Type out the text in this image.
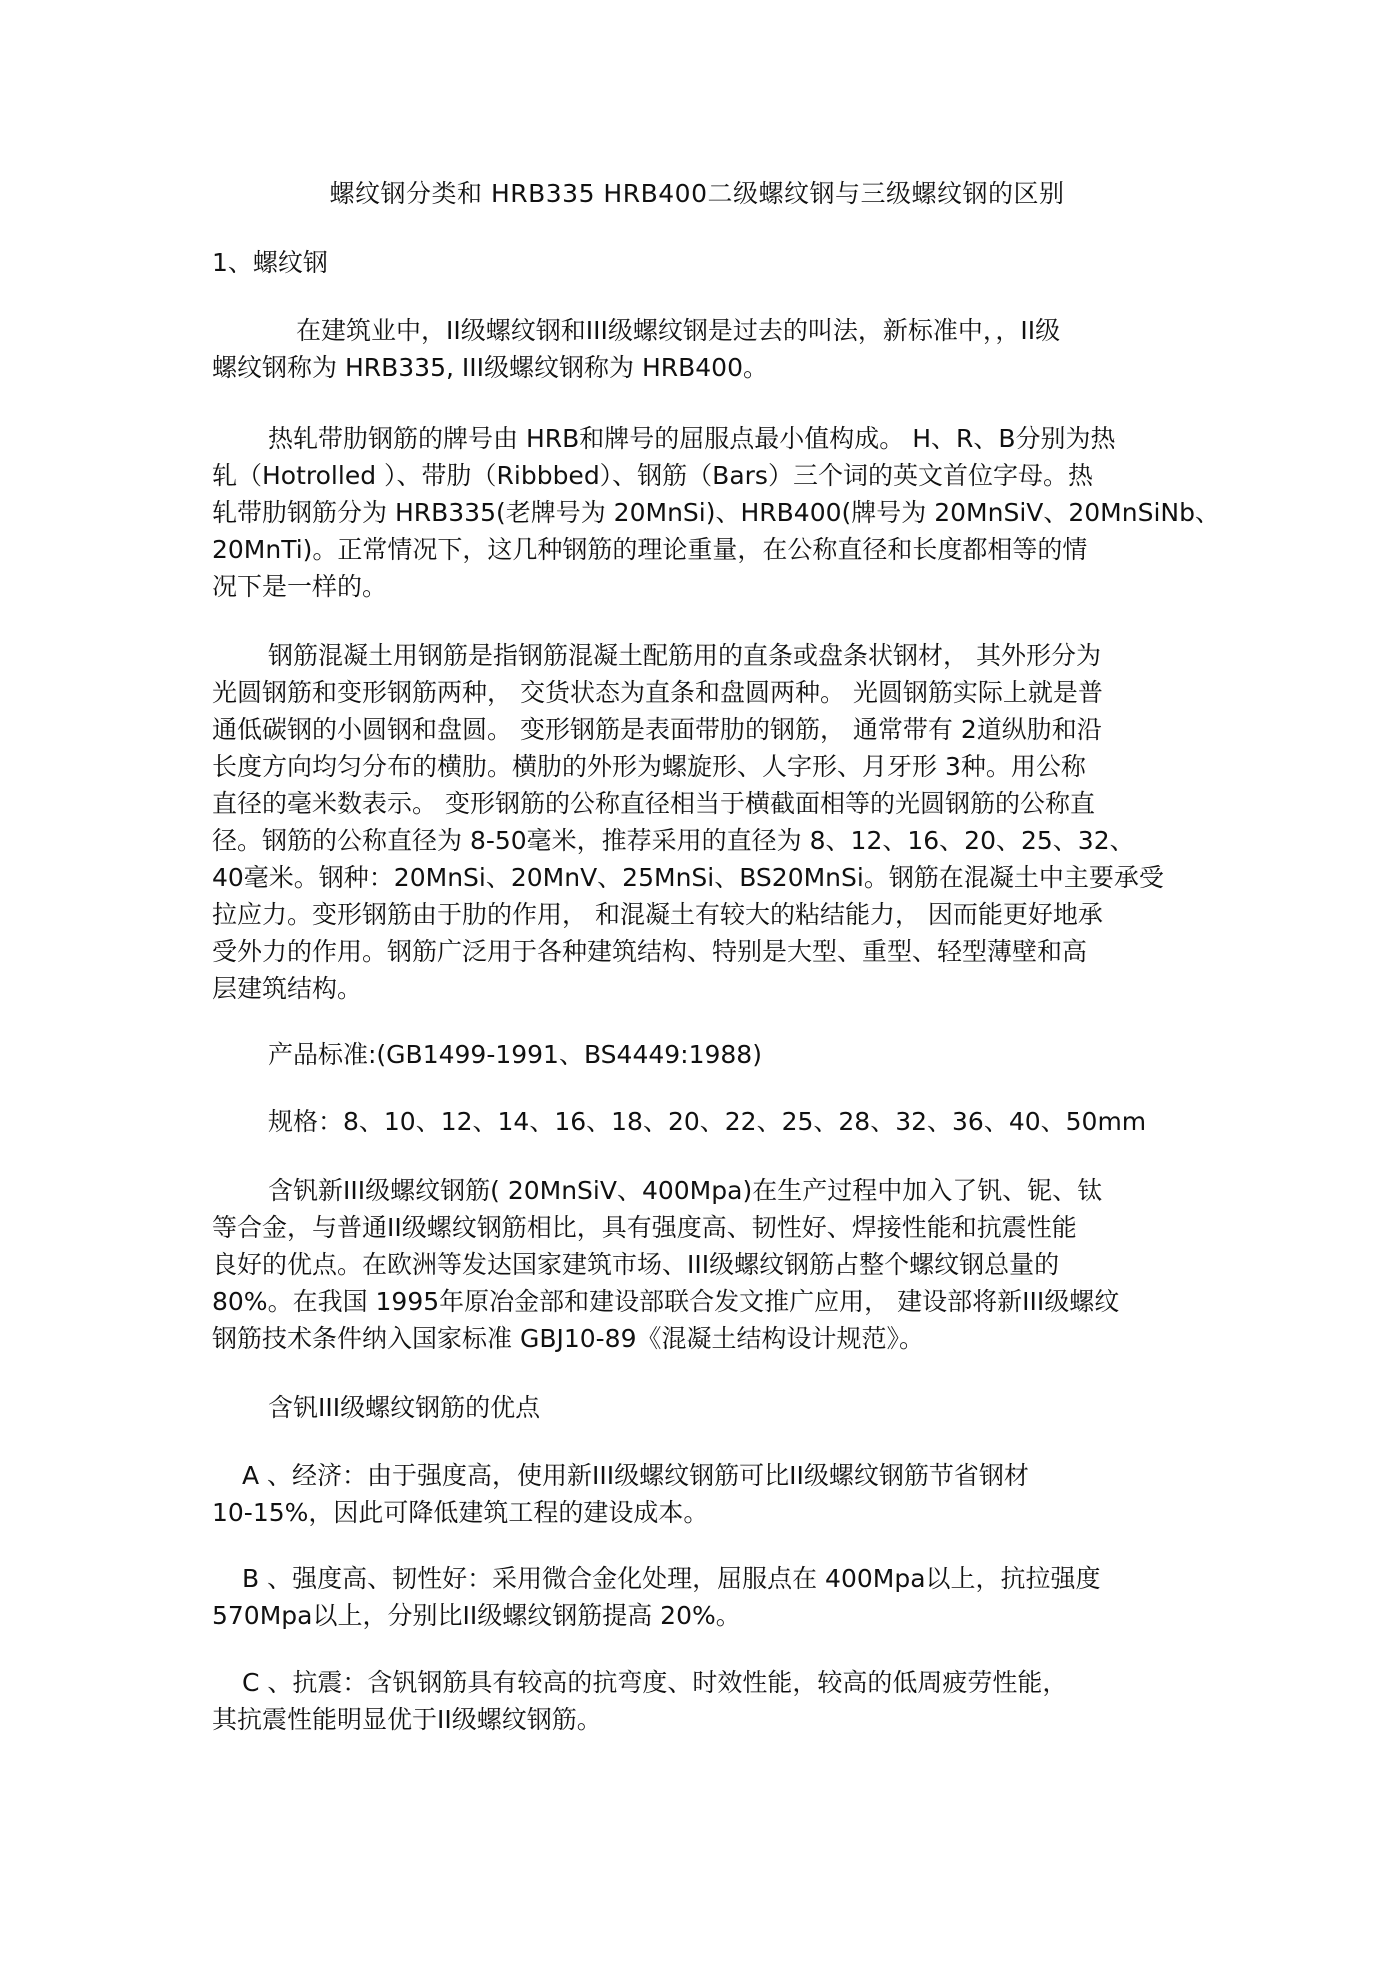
螺纹钢分类和 HRB335 HRB400二级螺纹钢与三级螺纹钢的区别
1、螺纹钢
在建筑业中，II级螺纹钢和III级螺纹钢是过去的叫法，新标准中，，II级
螺纹钢称为 HRB335, III级螺纹钢称为 HRB400。
热轧带肋钢筋的牌号由 HRB和牌号的屈服点最小值构成。 H、R、B分别为热
轧（Hotrolled ）、带肋（Ribbbed）、钢筋（Bars）三个词的英文首位字母。热
轧带肋钢筋分为 HRB335(老牌号为 20MnSi)、HRB400(牌号为 20MnSiV、20MnSiNb、
20MnTi)。正常情况下，这几种钢筋的理论重量，在公称直径和长度都相等的情
况下是一样的。
钢筋混凝土用钢筋是指钢筋混凝土配筋用的直条或盘条状钢材， 其外形分为
光圆钢筋和变形钢筋两种， 交货状态为直条和盘圆两种。 光圆钢筋实际上就是普
通低碳钢的小圆钢和盘圆。 变形钢筋是表面带肋的钢筋， 通常带有 2道纵肋和沿
长度方向均匀分布的横肋。横肋的外形为螺旋形、人字形、月牙形 3种。用公称
直径的毫米数表示。 变形钢筋的公称直径相当于横截面相等的光圆钢筋的公称直
径。钢筋的公称直径为 8-50毫米，推荐采用的直径为 8、12、16、20、25、32、
40毫米。钢种：20MnSi、20MnV、25MnSi、BS20MnSi。钢筋在混凝土中主要承受
拉应力。变形钢筋由于肋的作用， 和混凝土有较大的粘结能力， 因而能更好地承
受外力的作用。钢筋广泛用于各种建筑结构、特别是大型、重型、轻型薄壁和高
层建筑结构。
产品标准:(GB1499-1991、BS4449:1988)
规格：8、10、12、14、16、18、20、22、25、28、32、36、40、50mm
含钒新III级螺纹钢筋( 20MnSiV、400Mpa)在生产过程中加入了钒、铌、钛
等合金，与普通II级螺纹钢筋相比，具有强度高、韧性好、焊接性能和抗震性能
良好的优点。在欧洲等发达国家建筑市场、III级螺纹钢筋占整个螺纹钢总量的
80%。在我国 1995年原冶金部和建设部联合发文推广应用， 建设部将新III级螺纹
钢筋技术条件纳入国家标准 GBJ10-89《混凝土结构设计规范》。
含钒III级螺纹钢筋的优点
A 、经济：由于强度高，使用新III级螺纹钢筋可比II级螺纹钢筋节省钢材
10-15%，因此可降低建筑工程的建设成本。
B 、强度高、韧性好：采用微合金化处理，屈服点在 400Mpa以上，抗拉强度
570Mpa以上，分别比II级螺纹钢筋提高 20%。
C 、抗震：含钒钢筋具有较高的抗弯度、时效性能，较高的低周疲劳性能，
其抗震性能明显优于II级螺纹钢筋。
